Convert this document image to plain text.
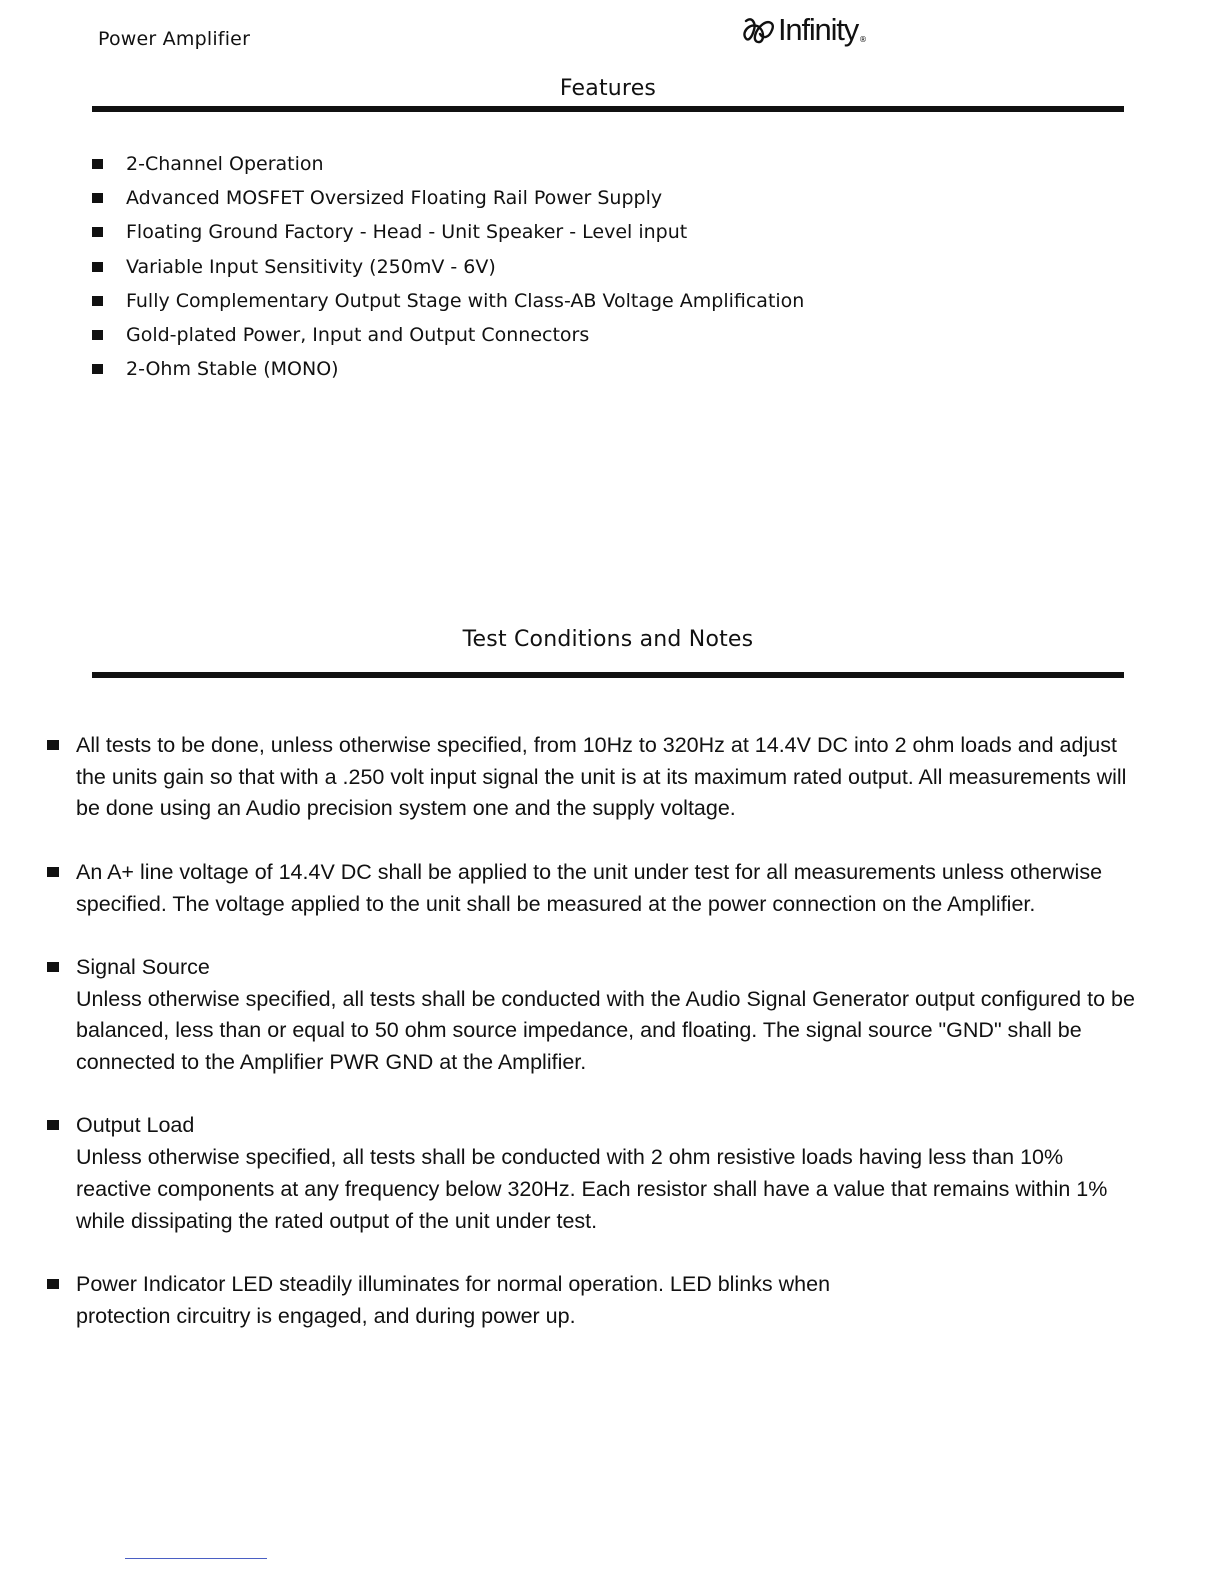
Power Amplifier	Infinity ®
Features
2-Channel Operation
Advanced MOSFET Oversized Floating Rail Power Supply
Floating Ground Factory - Head - Unit Speaker - Level input
Variable Input Sensitivity (250mV - 6V)
Fully Complementary Output Stage with Class-AB Voltage Amplification
Gold-plated Power, Input and Output Connectors
2-Ohm Stable (MONO)
Test Conditions and Notes
All tests to be done, unless otherwise specified, from 10Hz to 320Hz at 14.4V DC into 2 ohm loads and adjust the units gain so that with a .250 volt input signal the unit is at its maximum rated output. All measurements will be done using an Audio precision system one and the supply voltage.
An A+ line voltage of 14.4V DC shall be applied to the unit under test for all measurements unless otherwise specified. The voltage applied to the unit shall be measured at the power connection on the Amplifier.
Signal Source
Unless otherwise specified, all tests shall be conducted with the Audio Signal Generator output configured to be balanced, less than or equal to 50 ohm source impedance, and floating. The signal source "GND" shall be connected to the Amplifier PWR GND at the Amplifier.
Output Load
Unless otherwise specified, all tests shall be conducted with 2 ohm resistive loads having less than 10% reactive components at any frequency below 320Hz. Each resistor shall have a value that remains within 1% while dissipating the rated output of the unit under test.
Power Indicator LED steadily illuminates for normal operation. LED blinks when
protection circuitry is engaged, and during power up.
